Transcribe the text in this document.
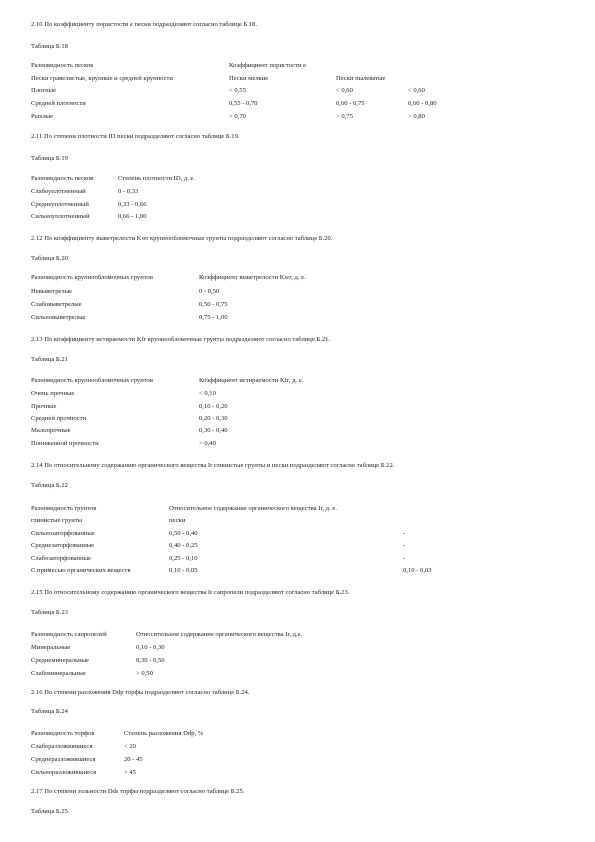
2.10 По коэффициенту пористости e пески подразделяют согласно таблице Б.18.
Таблица Б.18
Разновидность песков	Коэффициент пористости e
Пески гравелистые, крупные и средней крупности	Пески мелкие	Пески пылеватые
Плотные	< 0,55	< 0,60	< 0,60
Средней плотности	0,55 - 0,70	0,60 - 0,75	0,60 - 0,80
Рыхлые	> 0,70	> 0,75	> 0,80
2.11 По степени плотности ID пески подразделяют согласно таблице Б.19.
Таблица Б.19
Разновидность песков	Степень плотности ID, д. е.
Слабоуплотненный	0 - 0,33
Среднеуплотненный	0,33 - 0,66
Сильноуплотненный	0,66 - 1,00
2.12 По коэффициенту выветрелости Kwr крупнообломочные грунты подразделяют согласно таблице Б.20.
Таблица Б.20
Разновидность крупнообломочных грунтов	Коэффициент выветрелости Kwr, д. е.
Невыветрелые	0 - 0,50
Слабовыветрелые	0,50 - 0,75
Сильновыветрелые	0,75 - 1,00
2.13 По коэффициенту истираемости Kfr крупнообломочные грунты подразделяют согласно таблице Б.21.
Таблица Б.21
Разновидность крупнообломочных грунтов	Коэффициент истираемости Kfr, д. е.
Очень прочные	< 0,10
Прочные	0,10 - 0,20
Средней прочности	0,20 - 0,30
Малопрочные	0,30 - 0,40
Пониженной прочности	> 0,40
2.14 По относительному содержанию органического вещества Ir глинистые грунты и пески подразделяют согласно таблице Б.22.
Таблица Б.22
Разновидность грунтов	Относительное содержание органического вещества Ir, д. е.
глинистые грунты	пески
Сильнозаторфованные	0,50 - 0,40	-
Среднезаторфованные	0,40 - 0,25	-
Слабозаторфованные	0,25 - 0,10	-
С примесью органических веществ	0,10 - 0,05	0,10 - 0,03
2.15 По относительному содержанию органического вещества Ir сапропели подразделяют согласно таблице Б.23.
Таблица Б.23
Разновидность сапропелей	Относительное содержание органического вещества Ir, д.е.
Минеральные	0,10 - 0,30
Среднеминеральные	0,30 - 0,50
Слабоминеральные	> 0,50
2.16 По степени разложения Ddp торфы подразделяют согласно таблице Б.24.
Таблица Б.24
Разновидность торфов	Степень разложения Ddp, %
Слаборазложившиеся	< 20
Среднеразложившиеся	20 - 45
Сильноразложившиеся	> 45
2.17 По степени зольности Dds торфы подразделяют согласно таблице Б.25.
Таблица Б.25
